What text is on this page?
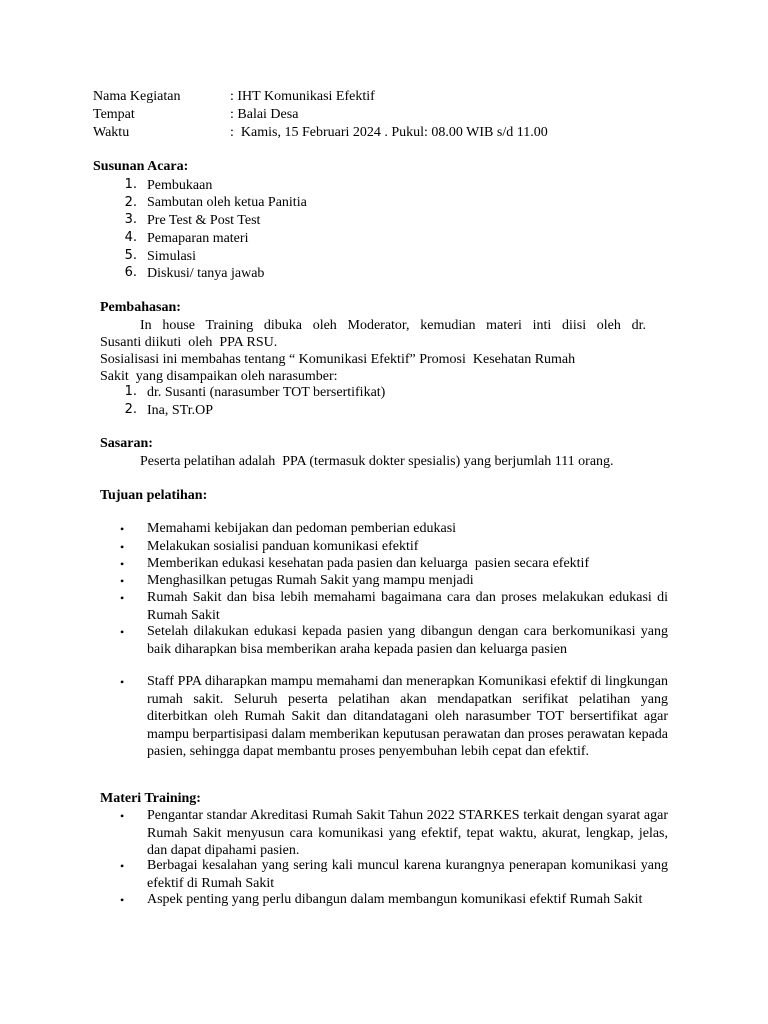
Nama Kegiatan	: IHT Komunikasi Efektif
Tempat	: Balai Desa
Waktu	:  Kamis, 15 Februari 2024 . Pukul: 08.00 WIB s/d 11.00
Susunan Acara:
1. Pembukaan
2. Sambutan oleh ketua Panitia
3. Pre Test & Post Test
4. Pemaparan materi
5. Simulasi
6. Diskusi/ tanya jawab
Pembahasan:
In house Training dibuka oleh Moderator, kemudian materi inti diisi oleh dr.
Susanti diikuti  oleh  PPA RSU.
Sosialisasi ini membahas tentang “ Komunikasi Efektif” Promosi  Kesehatan Rumah
Sakit  yang disampaikan oleh narasumber:
1. dr. Susanti (narasumber TOT bersertifikat)
2. Ina, STr.OP
Sasaran:
Peserta pelatihan adalah  PPA (termasuk dokter spesialis) yang berjumlah 111 orang.
Tujuan pelatihan:
• Memahami kebijakan dan pedoman pemberian edukasi
• Melakukan sosialisi panduan komunikasi efektif
• Memberikan edukasi kesehatan pada pasien dan keluarga  pasien secara efektif
• Menghasilkan petugas Rumah Sakit yang mampu menjadi
• Rumah Sakit dan bisa lebih memahami bagaimana cara dan proses melakukan edukasi di Rumah Sakit
• Setelah dilakukan edukasi kepada pasien yang dibangun dengan cara berkomunikasi yang baik diharapkan bisa memberikan araha kepada pasien dan keluarga pasien
• Staff PPA diharapkan mampu memahami dan menerapkan Komunikasi efektif di lingkungan rumah sakit. Seluruh peserta pelatihan akan mendapatkan serifikat pelatihan yang diterbitkan oleh Rumah Sakit dan ditandatagani oleh narasumber TOT bersertifikat agar mampu berpartisipasi dalam memberikan keputusan perawatan dan proses perawatan kepada pasien, sehingga dapat membantu proses penyembuhan lebih cepat dan efektif.
Materi Training:
• Pengantar standar Akreditasi Rumah Sakit Tahun 2022 STARKES terkait dengan syarat agar Rumah Sakit menyusun cara komunikasi yang efektif, tepat waktu, akurat, lengkap, jelas, dan dapat dipahami pasien.
• Berbagai kesalahan yang sering kali muncul karena kurangnya penerapan komunikasi yang efektif di Rumah Sakit
• Aspek penting yang perlu dibangun dalam membangun komunikasi efektif Rumah Sakit
